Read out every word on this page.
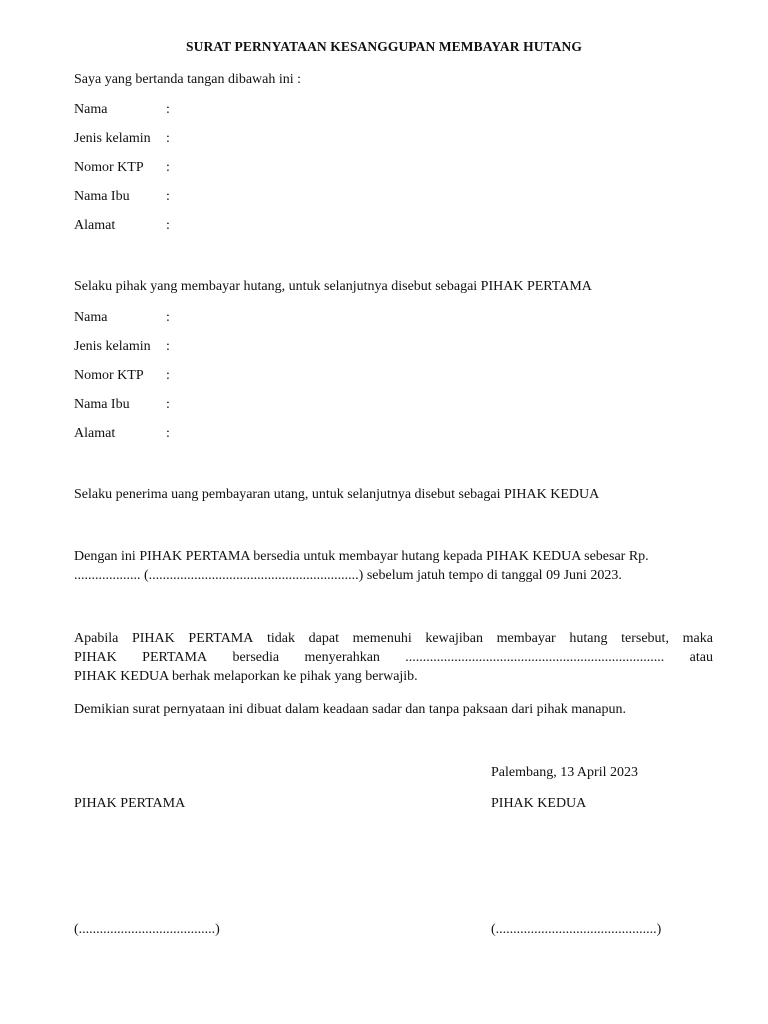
SURAT PERNYATAAN KESANGGUPAN MEMBAYAR HUTANG
Saya yang bertanda tangan dibawah ini :
Nama	:
Jenis kelamin :
Nomor KTP :
Nama Ibu	:
Alamat	:
Selaku pihak yang membayar hutang, untuk selanjutnya disebut sebagai PIHAK PERTAMA
Nama	:
Jenis kelamin :
Nomor KTP :
Nama Ibu	:
Alamat	:
Selaku penerima uang pembayaran utang, untuk selanjutnya disebut sebagai PIHAK KEDUA
Dengan ini PIHAK PERTAMA bersedia untuk membayar hutang kepada PIHAK KEDUA sebesar Rp.
................... (............................................................) sebelum jatuh tempo di tanggal 09 Juni 2023.
Apabila PIHAK PERTAMA tidak dapat memenuhi kewajiban membayar hutang tersebut, maka
PIHAK PERTAMA bersedia menyerahkan .......................................................................... atau
PIHAK KEDUA berhak melaporkan ke pihak yang berwajib.
Demikian surat pernyataan ini dibuat dalam keadaan sadar dan tanpa paksaan dari pihak manapun.
Palembang, 13 April 2023
PIHAK PERTAMA	PIHAK KEDUA
(.......................................)	(..............................................)
